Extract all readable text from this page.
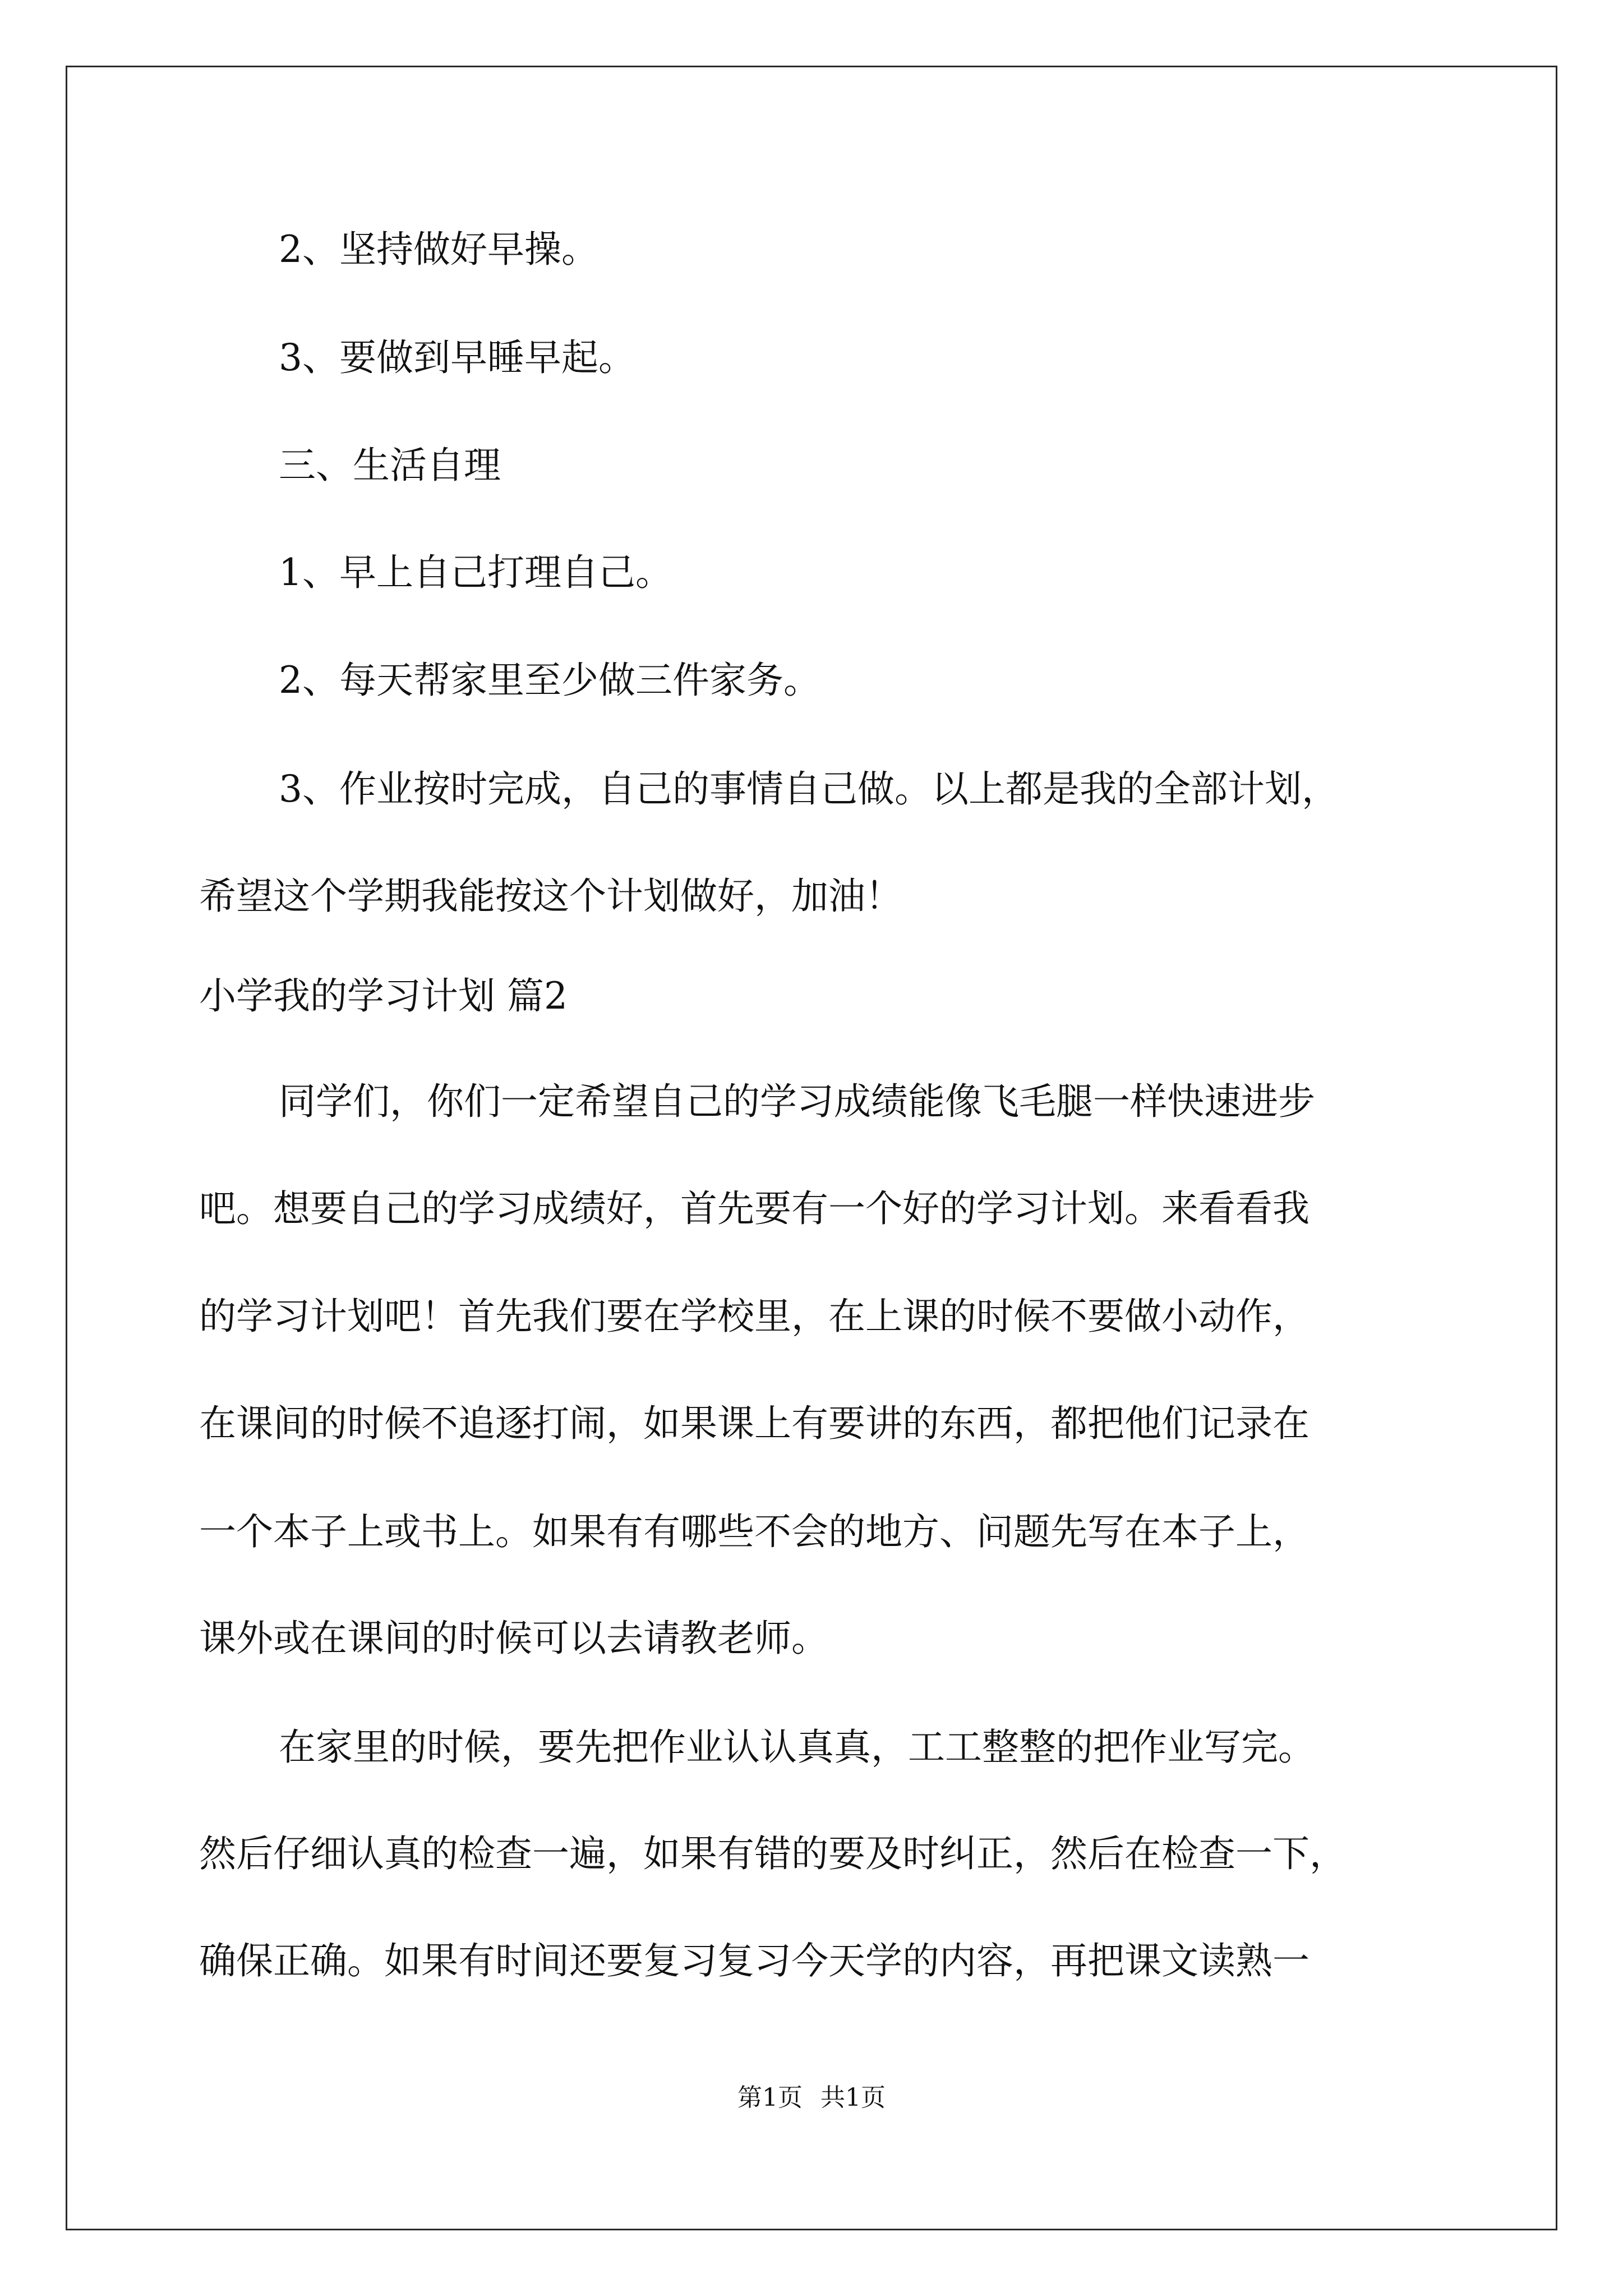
2、坚持做好早操。
3、要做到早睡早起。
三、生活自理
1、早上自己打理自己。
2、每天帮家里至少做三件家务。
3、作业按时完成，自己的事情自己做。以上都是我的全部计划，
希望这个学期我能按这个计划做好，加油！
小学我的学习计划 篇2
同学们，你们一定希望自己的学习成绩能像飞毛腿一样快速进步
吧。想要自己的学习成绩好，首先要有一个好的学习计划。来看看我
的学习计划吧！首先我们要在学校里，在上课的时候不要做小动作，
在课间的时候不追逐打闹，如果课上有要讲的东西，都把他们记录在
一个本子上或书上。如果有有哪些不会的地方、问题先写在本子上，
课外或在课间的时候可以去请教老师。
在家里的时候，要先把作业认认真真，工工整整的把作业写完。
然后仔细认真的检查一遍，如果有错的要及时纠正，然后在检查一下，
确保正确。如果有时间还要复习复习今天学的内容，再把课文读熟一
第1页 共1页
